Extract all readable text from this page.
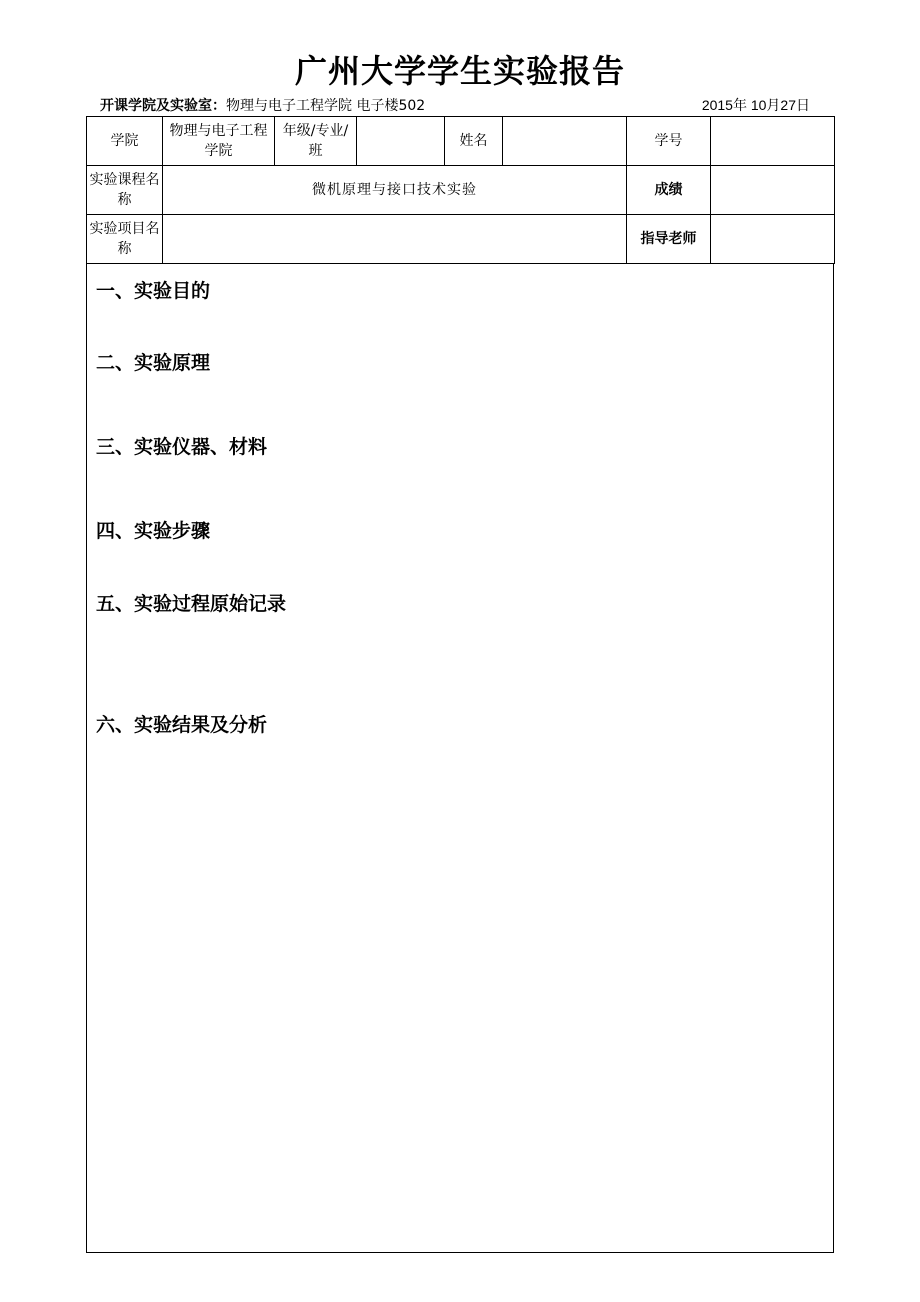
广州大学学生实验报告
开课学院及实验室：物理与电子工程学院 电子楼502	2015年 10月27日
学院	物理与电子工程学院	年级/专业/班		姓名		学号	
实验课程名称	微机原理与接口技术实验					成绩	
实验项目名称						指导老师	
一、实验目的
二、实验原理
三、实验仪器、材料
四、实验步骤
五、实验过程原始记录
六、实验结果及分析
